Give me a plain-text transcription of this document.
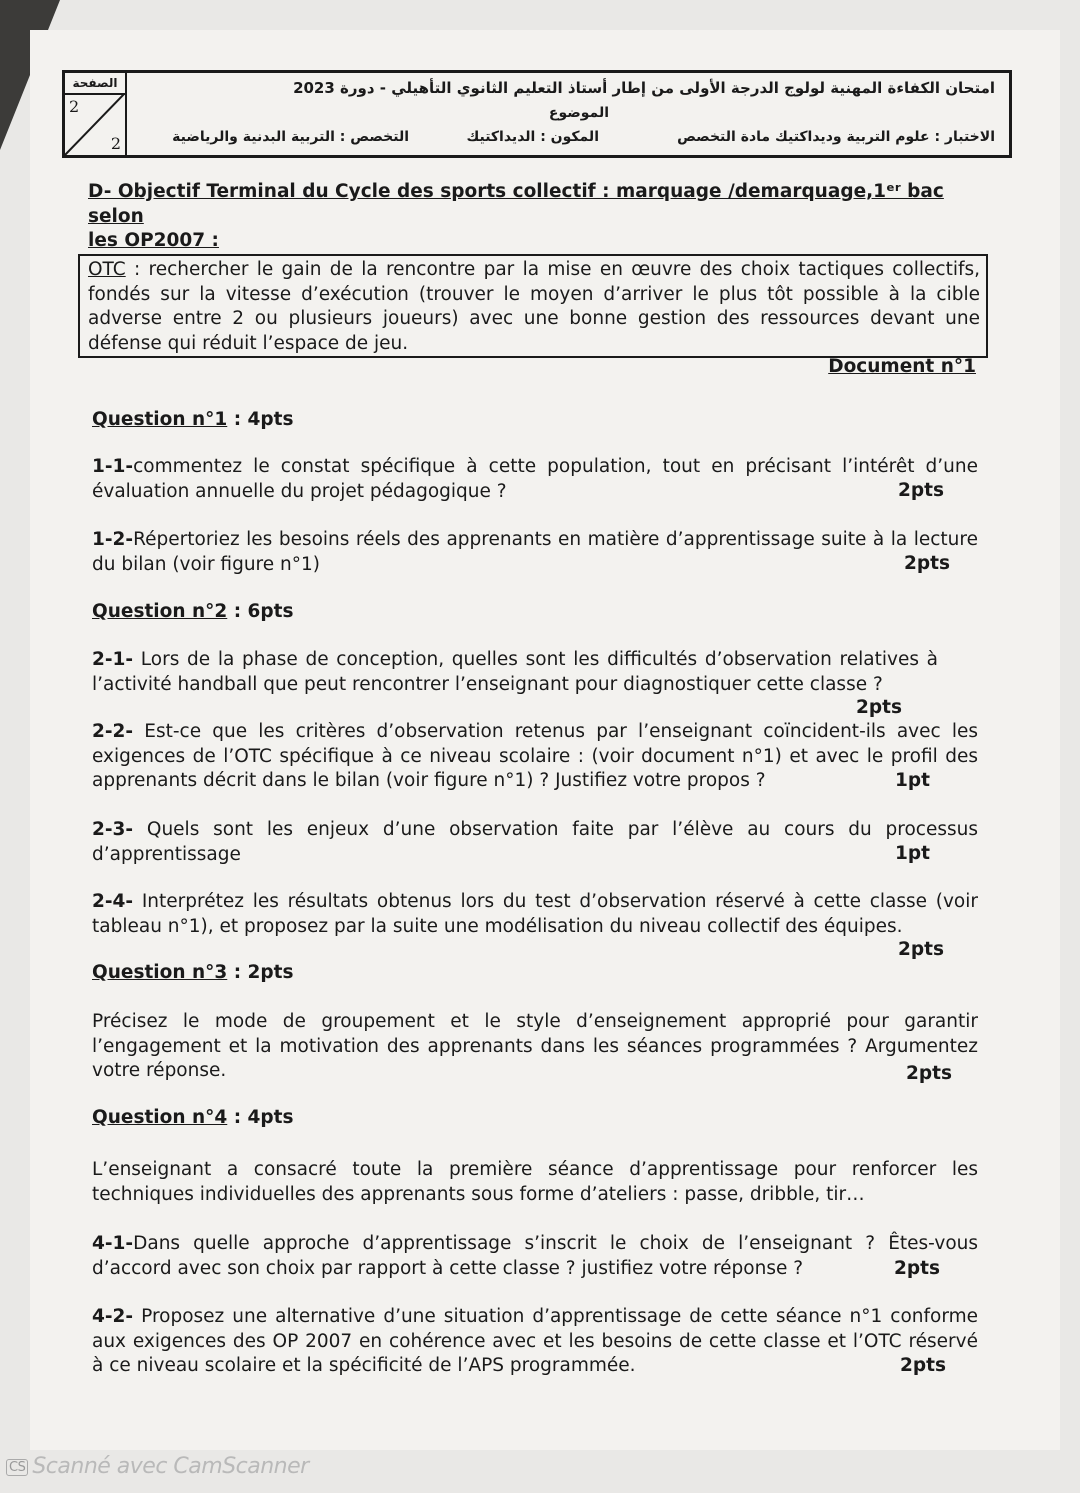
الصفحة
2
2
امتحان الكفاءة المهنية لولوج الدرجة الأولى من إطار أستاذ التعليم الثانوي التأهيلي - دورة 2023
الموضوع
الاختبار : علوم التربية وديداكتيك مادة التخصص
المكون : الديداكتيك
التخصص : التربية البدنية والرياضية
D- Objectif Terminal du Cycle des sports collectif : marquage /demarquage,1ᵉʳ bac selon
les OP2007 :
OTC : rechercher le gain de la rencontre par la mise en œuvre des choix tactiques collectifs, fondés sur la vitesse d’exécution (trouver le moyen d’arriver le plus tôt possible à la cible adverse entre 2 ou plusieurs joueurs) avec une bonne gestion des ressources devant une défense qui réduit l’espace de jeu.
Document n°1
Question n°1 : 4pts
1-1-commentez le constat spécifique à cette population, tout en précisant l’intérêt d’une évaluation annuelle du projet pédagogique ?	2pts
1-2-Répertoriez les besoins réels des apprenants en matière d’apprentissage suite à la lecture du bilan (voir figure n°1)	2pts
Question n°2 : 6pts
2-1- Lors de la phase de conception, quelles sont les difficultés d’observation relatives à l’activité handball que peut rencontrer l’enseignant pour diagnostiquer cette classe ?
2pts
2-2- Est-ce que les critères d’observation retenus par l’enseignant coïncident-ils avec les exigences de l’OTC spécifique à ce niveau scolaire : (voir document n°1) et avec le profil des apprenants décrit dans le bilan (voir figure n°1) ? Justifiez votre propos ?	1pt
2-3- Quels sont les enjeux d’une observation faite par l’élève au cours du processus d’apprentissage	1pt
2-4- Interprétez les résultats obtenus lors du test d’observation réservé à cette classe (voir tableau n°1), et proposez par la suite une modélisation du niveau collectif des équipes.
2pts
Question n°3 : 2pts
Précisez le mode de groupement et le style d’enseignement approprié pour garantir l’engagement et la motivation des apprenants dans les séances programmées ? Argumentez votre réponse.	2pts
Question n°4 : 4pts
L’enseignant a consacré toute la première séance d’apprentissage pour renforcer les techniques individuelles des apprenants sous forme d’ateliers : passe, dribble, tir…
4-1-Dans quelle approche d’apprentissage s’inscrit le choix de l’enseignant ? Êtes-vous d’accord avec son choix par rapport à cette classe ? justifiez votre réponse ?	2pts
4-2- Proposez une alternative d’une situation d’apprentissage de cette séance n°1 conforme aux exigences des OP 2007 en cohérence avec et les besoins de cette classe et l’OTC réservé à ce niveau scolaire et la spécificité de l’APS programmée.	2pts
CS Scanné avec CamScanner
